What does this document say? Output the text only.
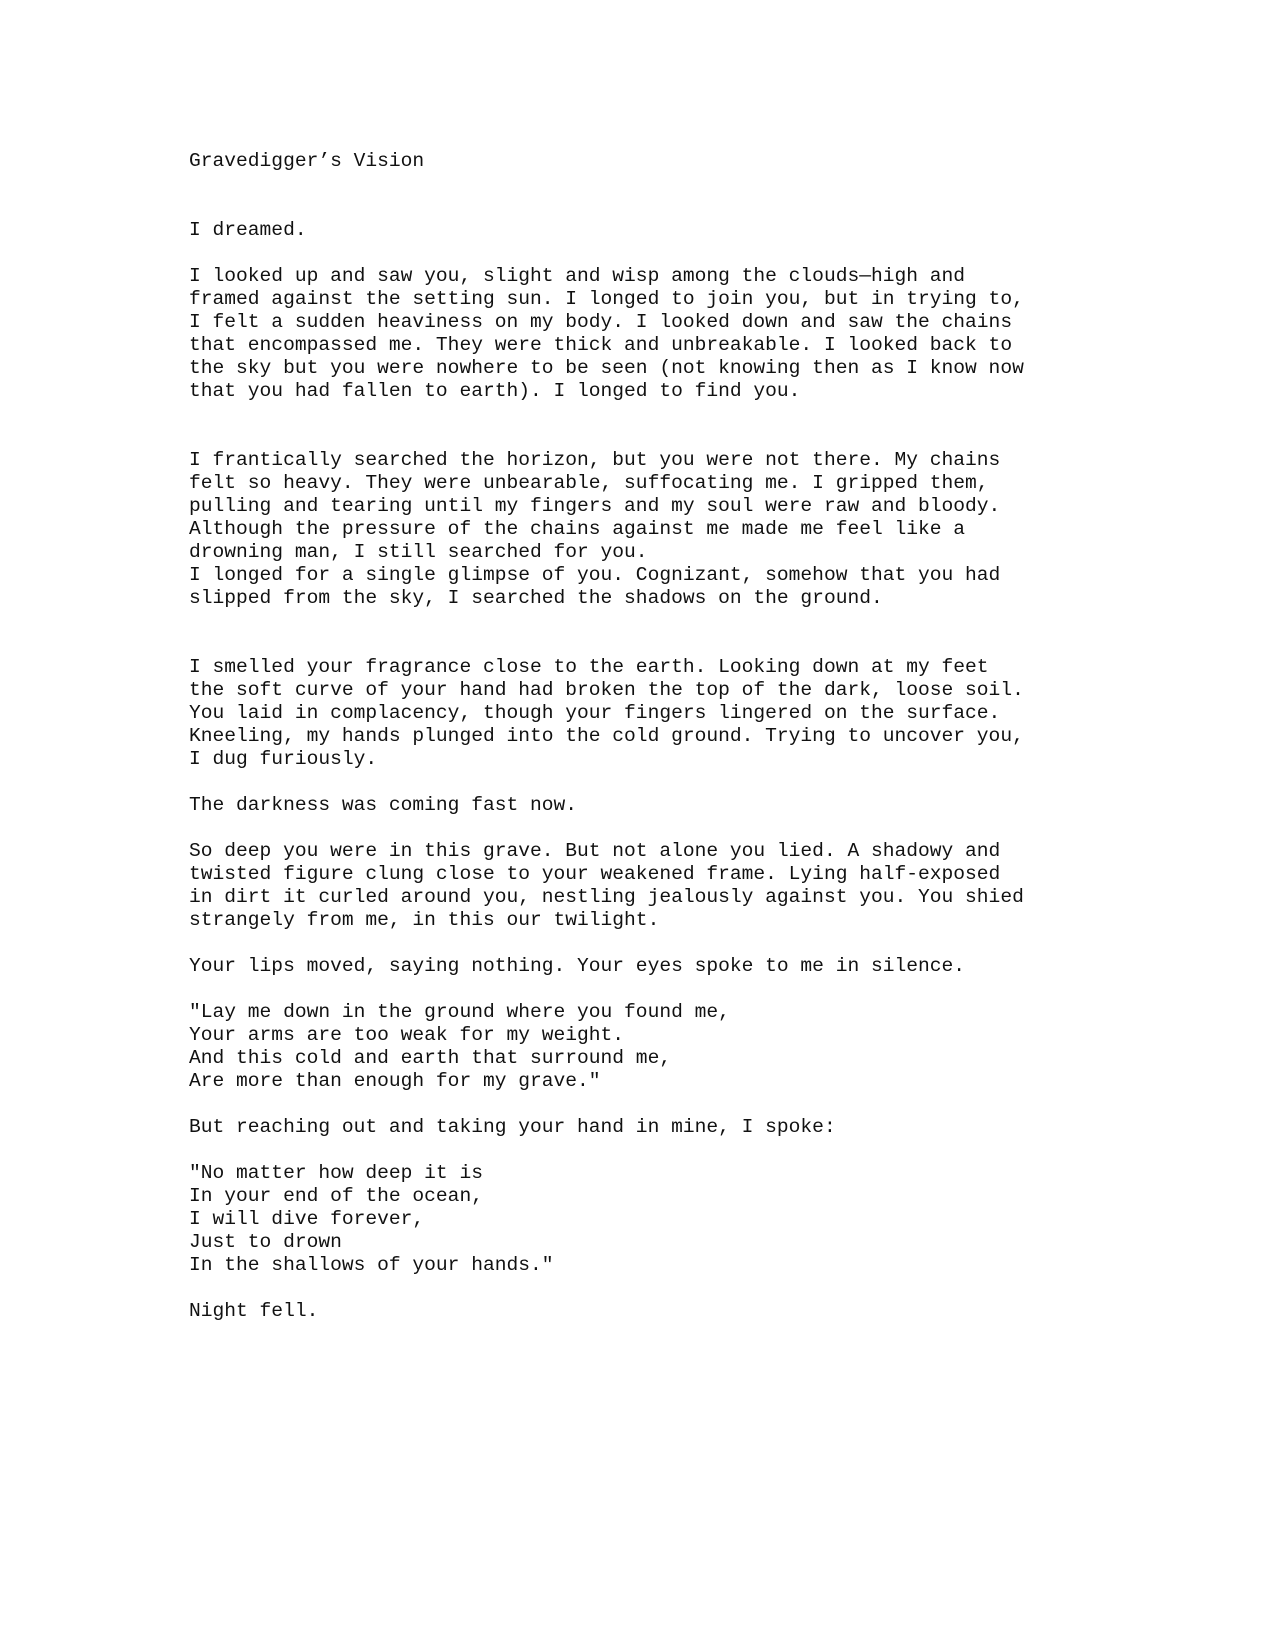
Gravedigger’s Vision
I dreamed.
I looked up and saw you, slight and wisp among the clouds—high and
framed against the setting sun. I longed to join you, but in trying to,
I felt a sudden heaviness on my body. I looked down and saw the chains
that encompassed me. They were thick and unbreakable. I looked back to
the sky but you were nowhere to be seen (not knowing then as I know now
that you had fallen to earth). I longed to find you.
I frantically searched the horizon, but you were not there. My chains
felt so heavy. They were unbearable, suffocating me. I gripped them,
pulling and tearing until my fingers and my soul were raw and bloody.
Although the pressure of the chains against me made me feel like a
drowning man, I still searched for you.
I longed for a single glimpse of you. Cognizant, somehow that you had
slipped from the sky, I searched the shadows on the ground.
I smelled your fragrance close to the earth. Looking down at my feet
the soft curve of your hand had broken the top of the dark, loose soil.
You laid in complacency, though your fingers lingered on the surface.
Kneeling, my hands plunged into the cold ground. Trying to uncover you,
I dug furiously.
The darkness was coming fast now.
So deep you were in this grave. But not alone you lied. A shadowy and
twisted figure clung close to your weakened frame. Lying half-exposed
in dirt it curled around you, nestling jealously against you. You shied
strangely from me, in this our twilight.
Your lips moved, saying nothing. Your eyes spoke to me in silence.
"Lay me down in the ground where you found me,
Your arms are too weak for my weight.
And this cold and earth that surround me,
Are more than enough for my grave."
But reaching out and taking your hand in mine, I spoke:
"No matter how deep it is
In your end of the ocean,
I will dive forever,
Just to drown
In the shallows of your hands."
Night fell.
